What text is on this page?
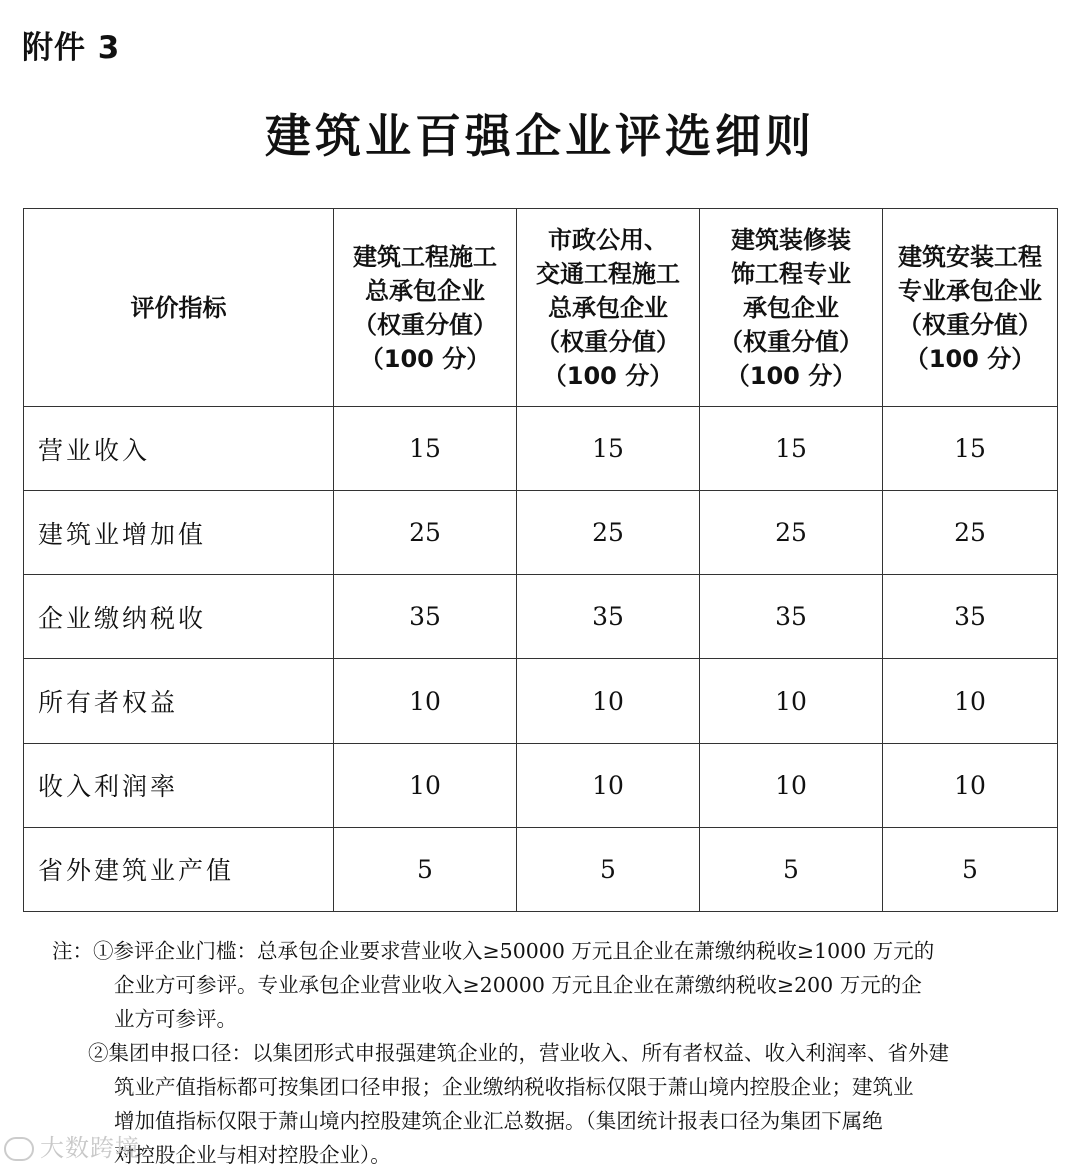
附件 3
建筑业百强企业评选细则
评价指标	建筑工程施工
总承包企业
（权重分值）
（100 分）	市政公用、
交通工程施工
总承包企业
（权重分值）
（100 分）	建筑装修装
饰工程专业
承包企业
（权重分值）
（100 分）	建筑安装工程
专业承包企业
（权重分值）
（100 分）

营业收入	15	15	15	15
建筑业增加值	25	25	25	25
企业缴纳税收	35	35	35	35
所有者权益	10	10	10	10
收入利润率	10	10	10	10
省外建筑业产值	5	5	5	5
注：①参评企业门槛：总承包企业要求营业收入≥50000 万元且企业在萧缴纳税收≥1000 万元的
企业方可参评。专业承包企业营业收入≥20000 万元且企业在萧缴纳税收≥200 万元的企
业方可参评。
②集团申报口径：以集团形式申报强建筑企业的，营业收入、所有者权益、收入利润率、省外建
筑业产值指标都可按集团口径申报；企业缴纳税收指标仅限于萧山境内控股企业；建筑业
增加值指标仅限于萧山境内控股建筑企业汇总数据。（集团统计报表口径为集团下属绝
对控股企业与相对控股企业）。
大数跨境
